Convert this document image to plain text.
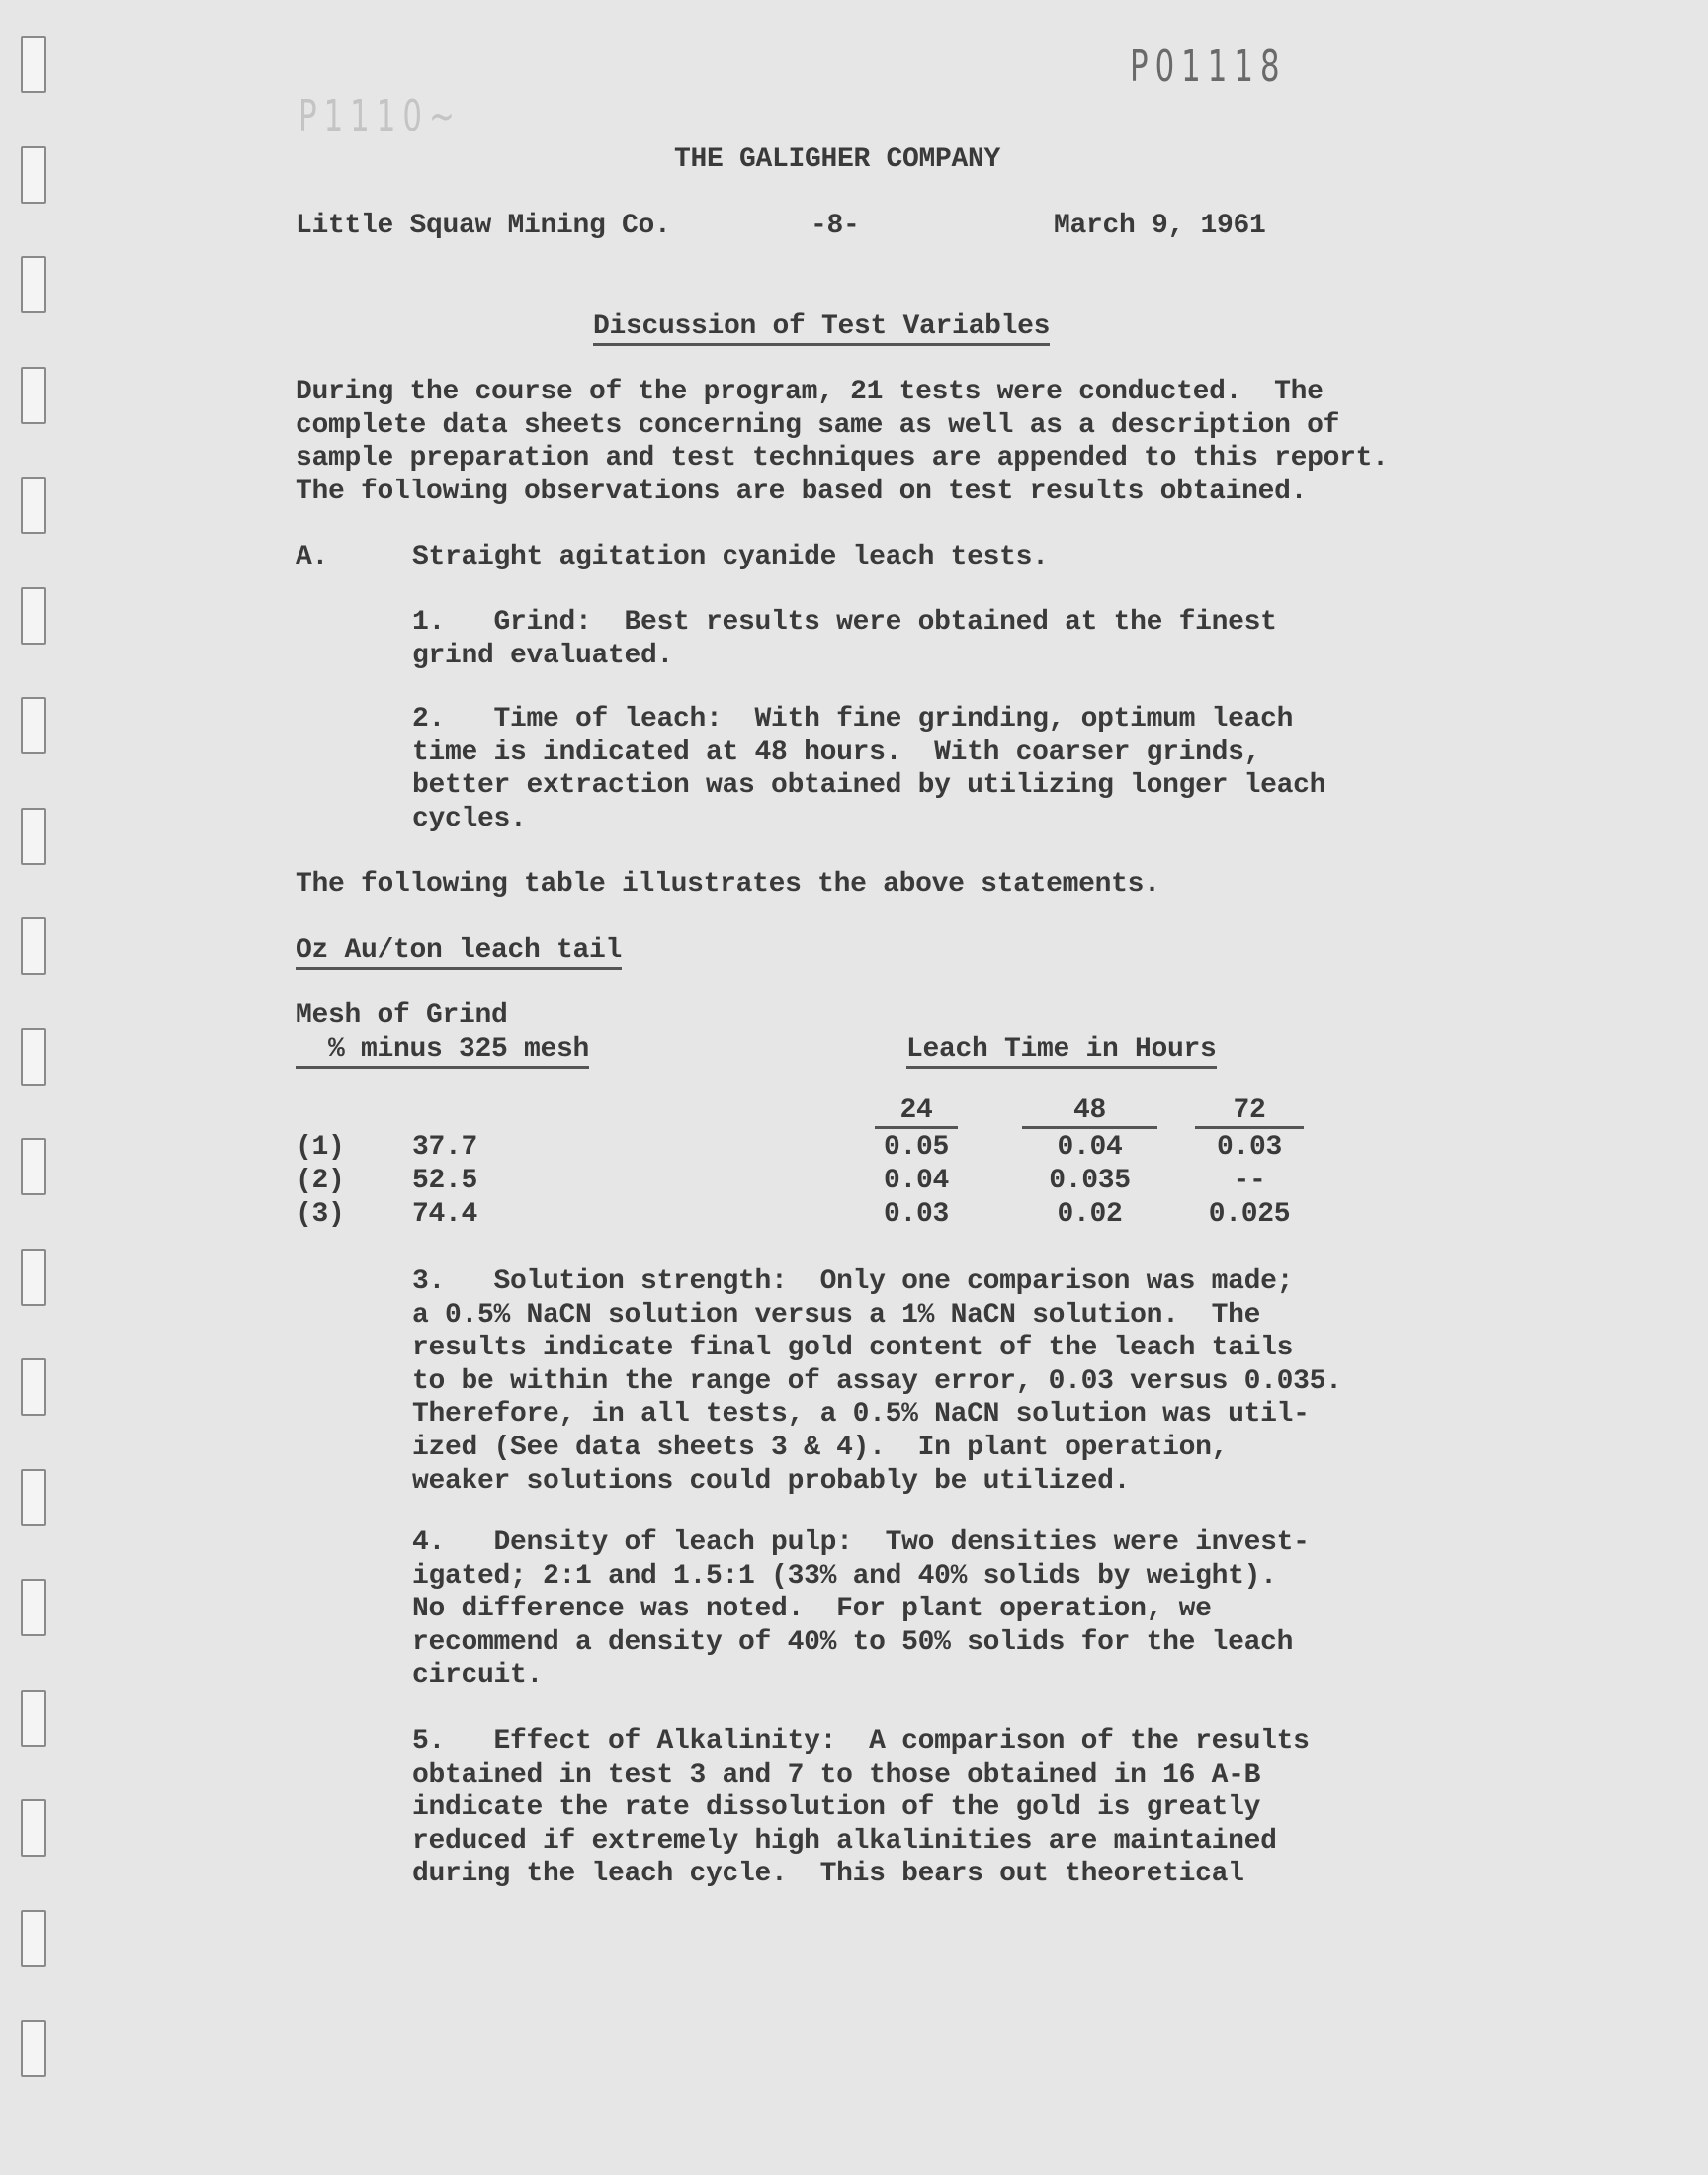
P01118
P1110~
THE GALIGHER COMPANY
Little Squaw Mining Co.	-8-	March 9, 1961
Discussion of Test Variables
During the course of the program, 21 tests were conducted.  The
complete data sheets concerning same as well as a description of
sample preparation and test techniques are appended to this report.
The following observations are based on test results obtained.
A.	Straight agitation cyanide leach tests.
1.   Grind:  Best results were obtained at the finest
grind evaluated.
2.   Time of leach:  With fine grinding, optimum leach
time is indicated at 48 hours.  With coarser grinds,
better extraction was obtained by utilizing longer leach
cycles.
The following table illustrates the above statements.
Oz Au/ton leach tail
Mesh of Grind
% minus 325 mesh	Leach Time in Hours
24	48	72
(1) 37.7	0.05	0.04	0.03
(2) 52.5	0.04	0.035	--
(3) 74.4	0.03	0.02	0.025
3.   Solution strength:  Only one comparison was made;
a 0.5% NaCN solution versus a 1% NaCN solution.  The
results indicate final gold content of the leach tails
to be within the range of assay error, 0.03 versus 0.035.
Therefore, in all tests, a 0.5% NaCN solution was util-
ized (See data sheets 3 & 4).  In plant operation,
weaker solutions could probably be utilized.
4.   Density of leach pulp:  Two densities were invest-
igated; 2:1 and 1.5:1 (33% and 40% solids by weight).
No difference was noted.  For plant operation, we
recommend a density of 40% to 50% solids for the leach
circuit.
5.   Effect of Alkalinity:  A comparison of the results
obtained in test 3 and 7 to those obtained in 16 A-B
indicate the rate dissolution of the gold is greatly
reduced if extremely high alkalinities are maintained
during the leach cycle.  This bears out theoretical
